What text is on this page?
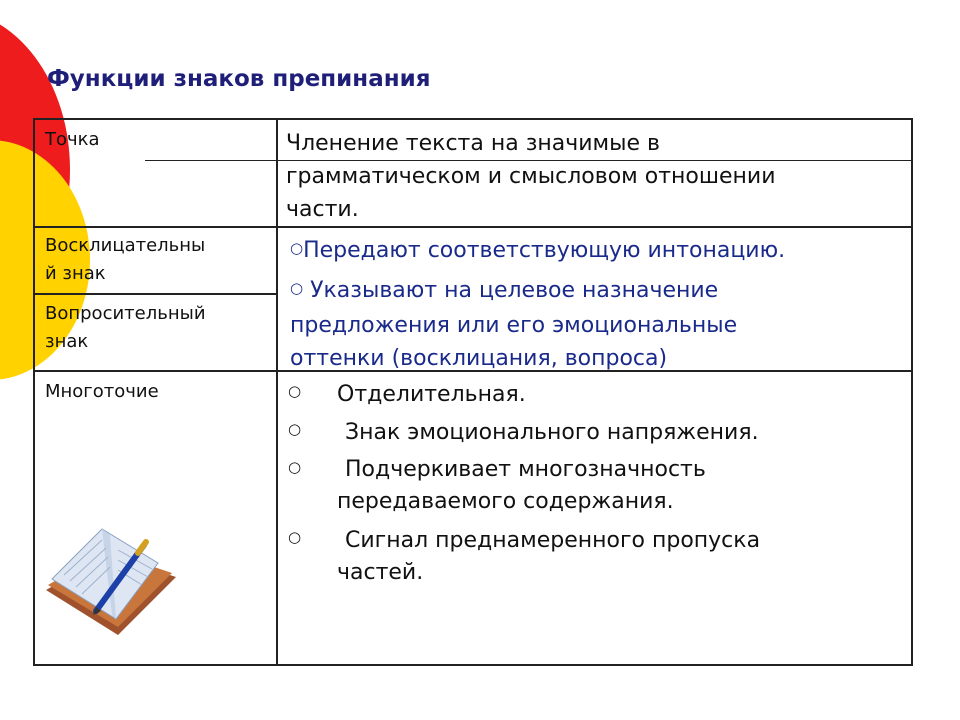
Функции знаков препинания
Точка	Членение текста на значимые в
грамматическом и смысловом отношении
части.
Восклицательны
й знак
Вопросительный
знак
○Передают соответствующую интонацию.
○ Указывают на целевое назначение
предложения или его эмоциональные
оттенки (восклицания, вопроса)
Многоточие	○ Отделительная.
○ Знак эмоционального напряжения.
○ Подчеркивает многозначность
передаваемого содержания.
○ Сигнал преднамеренного пропуска
частей.
